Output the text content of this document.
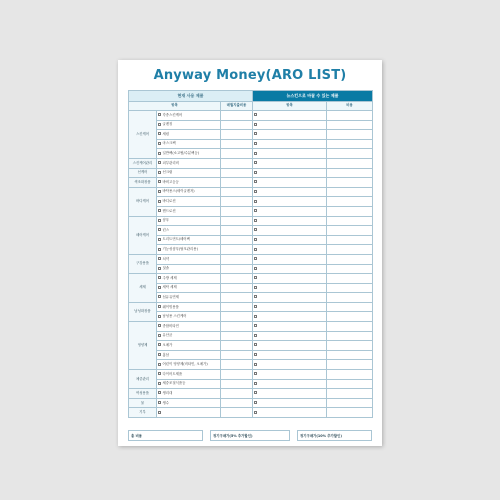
Anyway Money(ARO LIST)
현재 사용 제품			뉴스킨으로 바꿀 수 있는 제품	
항목		매월지출비용	항목	비용
스킨케어	각종스킨케어			
	클렌징			
	세럼			
	마스크팩			
	일반팩(소고팝/수분팩등)			
스킨케어관리	피부관리비			
선케어	선크림			
색조화장품	바비고등등			
바디케어	바닥용스(세이클렌저)			
	바디로션			
	핸드로션			
헤어케어	샴푸			
	린스			
	트리트먼트/헤어팩			
	기능성샴푸(탈모관리용)			
구강용품	치약			
	칫솔			
세제	주방 세제			
	세탁 세제			
	섬유유연제			
남성화장품	쉐이빙용품			
	남성용 스킨케어			
영양제	종합비타민			
	유산균			
	오메가			
	홍삼			
	어린이 영양제(비타민, 오메가)			
체중관리	다이어트제품			
	체중조절식품등			
여성용품	생리대			
물	생수			
기부				
총 비용	정기구매가(5% 추가할인)	정기구매가(10% 추가할인)
